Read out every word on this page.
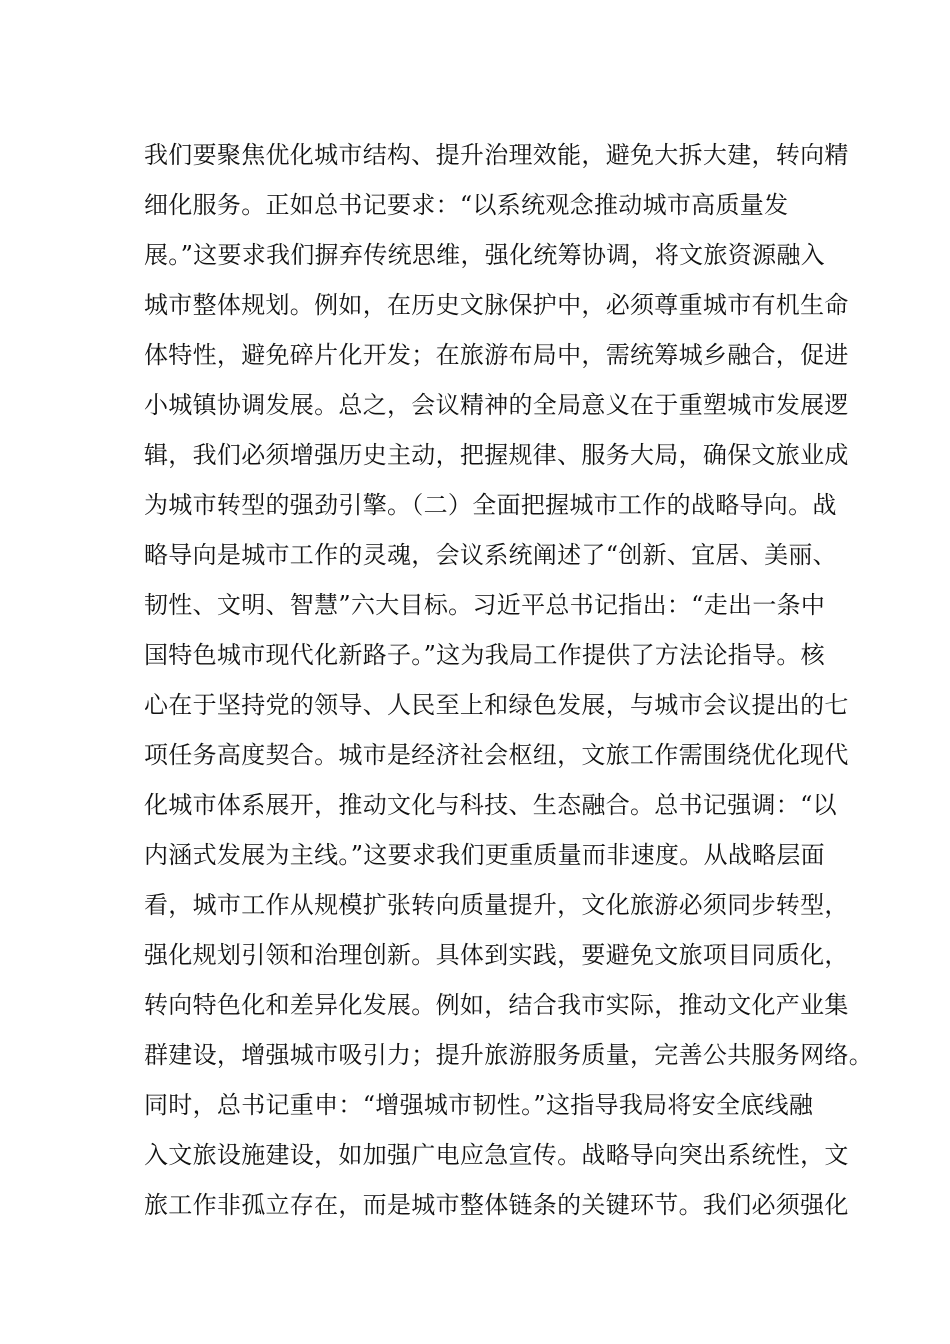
我们要聚焦优化城市结构、提升治理效能，避免大拆大建，转向精
细化服务。正如总书记要求：“以系统观念推动城市高质量发
展。”这要求我们摒弃传统思维，强化统筹协调，将文旅资源融入
城市整体规划。例如，在历史文脉保护中，必须尊重城市有机生命
体特性，避免碎片化开发；在旅游布局中，需统筹城乡融合，促进
小城镇协调发展。总之，会议精神的全局意义在于重塑城市发展逻
辑，我们必须增强历史主动，把握规律、服务大局，确保文旅业成
为城市转型的强劲引擎。（二）全面把握城市工作的战略导向。战
略导向是城市工作的灵魂，会议系统阐述了“创新、宜居、美丽、
韧性、文明、智慧”六大目标。习近平总书记指出：“走出一条中
国特色城市现代化新路子。”这为我局工作提供了方法论指导。核
心在于坚持党的领导、人民至上和绿色发展，与城市会议提出的七
项任务高度契合。城市是经济社会枢纽，文旅工作需围绕优化现代
化城市体系展开，推动文化与科技、生态融合。总书记强调：“以
内涵式发展为主线。”这要求我们更重质量而非速度。从战略层面
看，城市工作从规模扩张转向质量提升，文化旅游必须同步转型，
强化规划引领和治理创新。具体到实践，要避免文旅项目同质化，
转向特色化和差异化发展。例如，结合我市实际，推动文化产业集
群建设，增强城市吸引力；提升旅游服务质量，完善公共服务网络。
同时，总书记重申：“增强城市韧性。”这指导我局将安全底线融
入文旅设施建设，如加强广电应急宣传。战略导向突出系统性，文
旅工作非孤立存在，而是城市整体链条的关键环节。我们必须强化
